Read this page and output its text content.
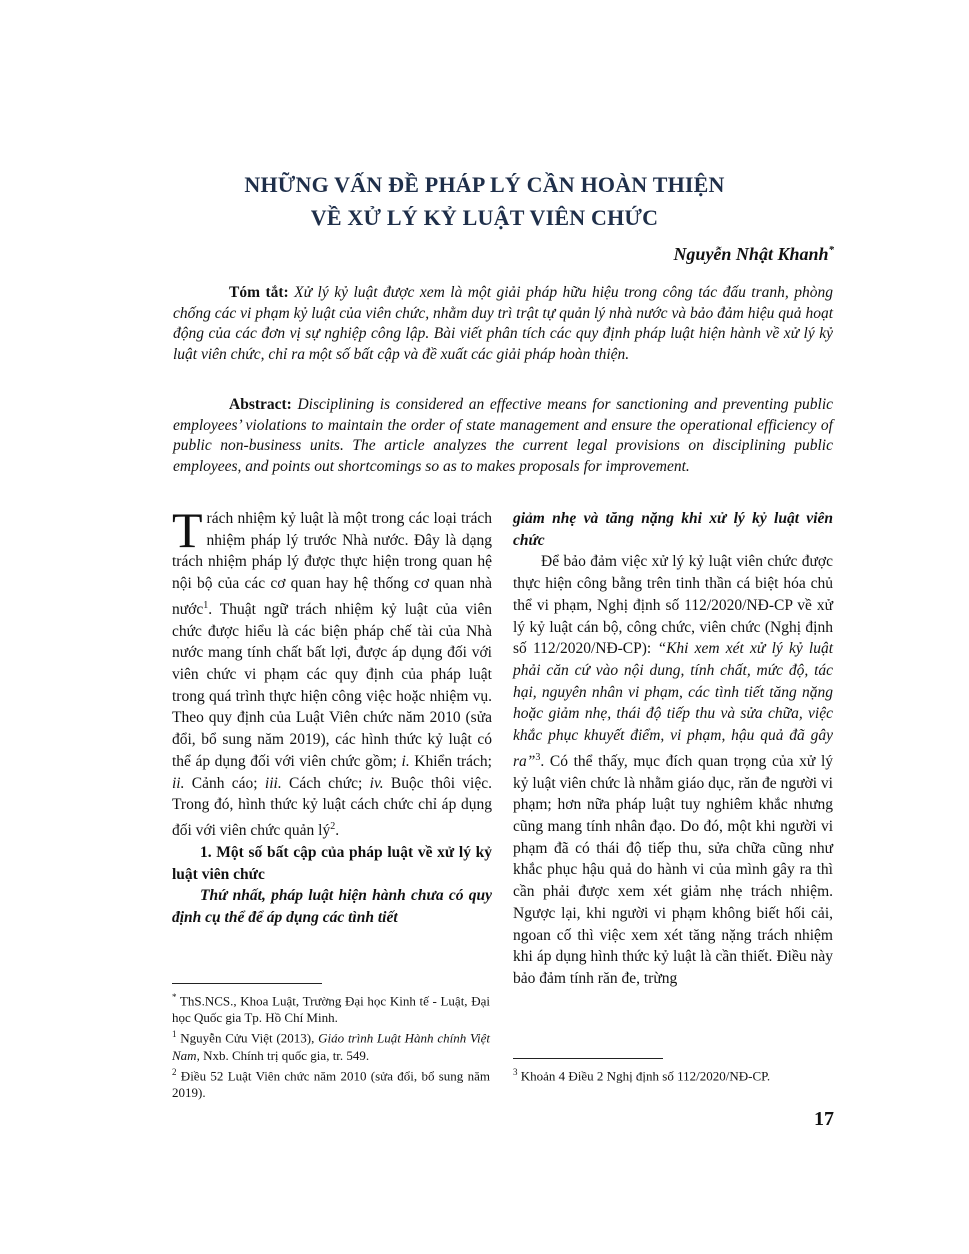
NHỮNG VẤN ĐỀ PHÁP LÝ CẦN HOÀN THIỆN
VỀ XỬ LÝ KỶ LUẬT VIÊN CHỨC
Nguyễn Nhật Khanh*
Tóm tắt: Xử lý kỷ luật được xem là một giải pháp hữu hiệu trong công tác đấu tranh, phòng chống các vi phạm kỷ luật của viên chức, nhằm duy trì trật tự quản lý nhà nước và bảo đảm hiệu quả hoạt động của các đơn vị sự nghiệp công lập. Bài viết phân tích các quy định pháp luật hiện hành về xử lý kỷ luật viên chức, chỉ ra một số bất cập và đề xuất các giải pháp hoàn thiện.
Abstract: Disciplining is considered an effective means for sanctioning and preventing public employees’ violations to maintain the order of state management and ensure the operational efficiency of public non-business units. The article analyzes the current legal provisions on disciplining public employees, and points out shortcomings so as to makes proposals for improvement.

Trách nhiệm kỷ luật là một trong các loại trách nhiệm pháp lý trước Nhà nước. Đây là dạng trách nhiệm pháp lý được thực hiện trong quan hệ nội bộ của các cơ quan hay hệ thống cơ quan nhà nước$^1$. Thuật ngữ trách nhiệm kỷ luật của viên chức được hiểu là các biện pháp chế tài của Nhà nước mang tính chất bất lợi, được áp dụng đối với viên chức vi phạm các quy định của pháp luật trong quá trình thực hiện công việc hoặc nhiệm vụ. Theo quy định của Luật Viên chức năm 2010 (sửa đổi, bổ sung năm 2019), các hình thức kỷ luật có thể áp dụng đối với viên chức gồm; i. Khiển trách; ii. Cảnh cáo; iii. Cách chức; iv. Buộc thôi việc. Trong đó, hình thức kỷ luật cách chức chỉ áp dụng đối với viên chức quản $lý^2$.

1. Một số bất cập của pháp luật về xử lý kỷ luật viên chức

Thứ nhất, pháp luật hiện hành chưa có quy định cụ thể để áp dụng các tình tiết

giảm nhẹ và tăng nặng khi xử lý kỷ luật viên chức

Để bảo đảm việc xử lý kỷ luật viên chức được thực hiện công bằng trên tinh thần cá biệt hóa chủ thể vi phạm, Nghị định số 112/2020/NĐ-CP về xử lý kỷ luật cán bộ, công chức, viên chức (Nghị định số 112/2020/NĐ-CP): “Khi xem xét xử lý kỷ luật phải căn cứ vào nội dung, tính chất, mức độ, tác hại, nguyên nhân vi phạm, các tình tiết tăng nặng hoặc giảm nhẹ, thái độ tiếp thu và sửa chữa, việc khắc phục khuyết điểm, vi phạm, hậu quả đã gây ra”$^3$. Có thể thấy, mục đích quan trọng của xử lý kỷ luật viên chức là nhằm giáo dục, răn đe người vi phạm; hơn nữa pháp luật tuy nghiêm khắc nhưng cũng mang tính nhân đạo. Do đó, một khi người vi phạm đã có thái độ tiếp thu, sửa chữa cũng như khắc phục hậu quả do hành vi của mình gây ra thì cần phải được xem xét giảm nhẹ trách nhiệm. Ngược lại, khi người vi phạm không biết hối cải, ngoan cố thì việc xem xét tăng nặng trách nhiệm khi áp dụng hình thức kỷ luật là cần thiết. Điều này bảo đảm tính răn đe, trừng

* ThS.NCS., Khoa Luật, Trường Đại học Kinh tế - Luật, Đại học Quốc gia Tp. Hồ Chí Minh.

$^1$ Nguyễn Cửu Việt (2013), Giáo trình Luật Hành chính Việt Nam, Nxb. Chính trị quốc gia, tr. 549.

$^2$ Điều 52 Luật Viên chức năm 2010 (sửa đổi, bổ sung năm 2019).

$^3$ Khoản 4 Điều 2 Nghị định số 112/2020/NĐ-CP.

17
